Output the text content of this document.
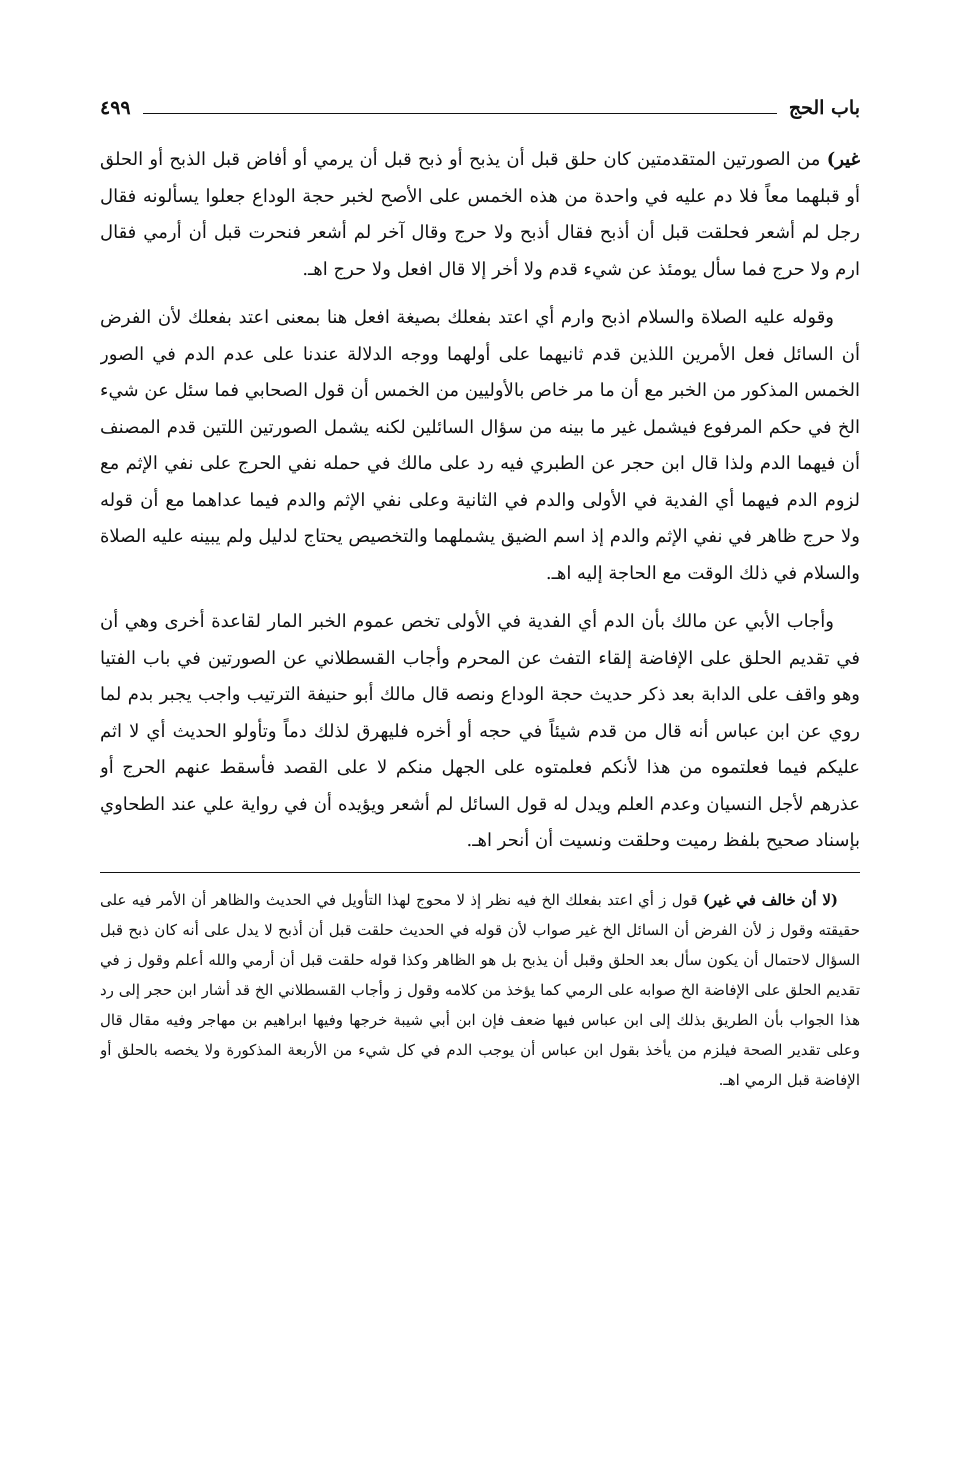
باب الحج
٤٩٩

غير) من الصورتين المتقدمتين كان حلق قبل أن يذبح أو ذبح قبل أن يرمي أو أفاض قبل الذبح أو الحلق أو قبلهما معاً فلا دم عليه في واحدة من هذه الخمس على الأصح لخبر حجة الوداع جعلوا يسألونه فقال رجل لم أشعر فحلقت قبل أن أذبح فقال أذبح ولا حرج وقال آخر لم أشعر فنحرت قبل أن أرمي فقال ارم ولا حرج فما سأل يومئذ عن شيء قدم ولا أخر إلا قال افعل ولا حرج اهـ.

وقوله عليه الصلاة والسلام اذبح وارم أي اعتد بفعلك بصيغة افعل هنا بمعنى اعتد بفعلك لأن الفرض أن السائل فعل الأمرين اللذين قدم ثانيهما على أولهما ووجه الدلالة عندنا على عدم الدم في الصور الخمس المذكور من الخبر مع أن ما مر خاص بالأوليين من الخمس أن قول الصحابي فما سئل عن شيء الخ في حكم المرفوع فيشمل غير ما بينه من سؤال السائلين لكنه يشمل الصورتين اللتين قدم المصنف أن فيهما الدم ولذا قال ابن حجر عن الطبري فيه رد على مالك في حمله نفي الحرج على نفي الإثم مع لزوم الدم فيهما أي الفدية في الأولى والدم في الثانية وعلى نفي الإثم والدم فيما عداهما مع أن قوله ولا حرج ظاهر في نفي الإثم والدم إذ اسم الضيق يشملهما والتخصيص يحتاج لدليل ولم يبينه عليه الصلاة والسلام في ذلك الوقت مع الحاجة إليه اهـ.

وأجاب الأبي عن مالك بأن الدم أي الفدية في الأولى تخص عموم الخبر المار لقاعدة أخرى وهي أن في تقديم الحلق على الإفاضة إلقاء التفث عن المحرم وأجاب القسطلاني عن الصورتين في باب الفتيا وهو واقف على الدابة بعد ذكر حديث حجة الوداع ونصه قال مالك أبو حنيفة الترتيب واجب يجبر بدم لما روي عن ابن عباس أنه قال من قدم شيئاً في حجه أو أخره فليهرق لذلك دماً وتأولو الحديث أي لا اثم عليكم فيما فعلتموه من هذا لأنكم فعلمتوه على الجهل منكم لا على القصد فأسقط عنهم الحرج أو عذرهم لأجل النسيان وعدم العلم ويدل له قول السائل لم أشعر ويؤيده أن في رواية علي عند الطحاوي بإسناد صحيح بلفظ رميت وحلقت ونسيت أن أنحر اهـ.

(لا أن خالف في غير) قول ز أي اعتد بفعلك الخ فيه نظر إذ لا محوج لهذا التأويل في الحديث والظاهر أن الأمر فيه على حقيقته وقول ز لأن الفرض أن السائل الخ غير صواب لأن قوله في الحديث حلقت قبل أن أذبح لا يدل على أنه كان ذبح قبل السؤال لاحتمال أن يكون سأل بعد الحلق وقبل أن يذبح بل هو الظاهر وكذا قوله حلقت قبل أن أرمي والله أعلم وقول ز في تقديم الحلق على الإفاضة الخ صوابه على الرمي كما يؤخذ من كلامه وقول ز وأجاب القسطلاني الخ قد أشار ابن حجر إلى رد هذا الجواب بأن الطريق بذلك إلى ابن عباس فيها ضعف فإن ابن أبي شيبة خرجها وفيها ابراهيم بن مهاجر وفيه مقال قال وعلى تقدير الصحة فيلزم من يأخذ بقول ابن عباس أن يوجب الدم في كل شيء من الأربعة المذكورة ولا يخصه بالحلق أو الإفاضة قبل الرمي اهـ.
